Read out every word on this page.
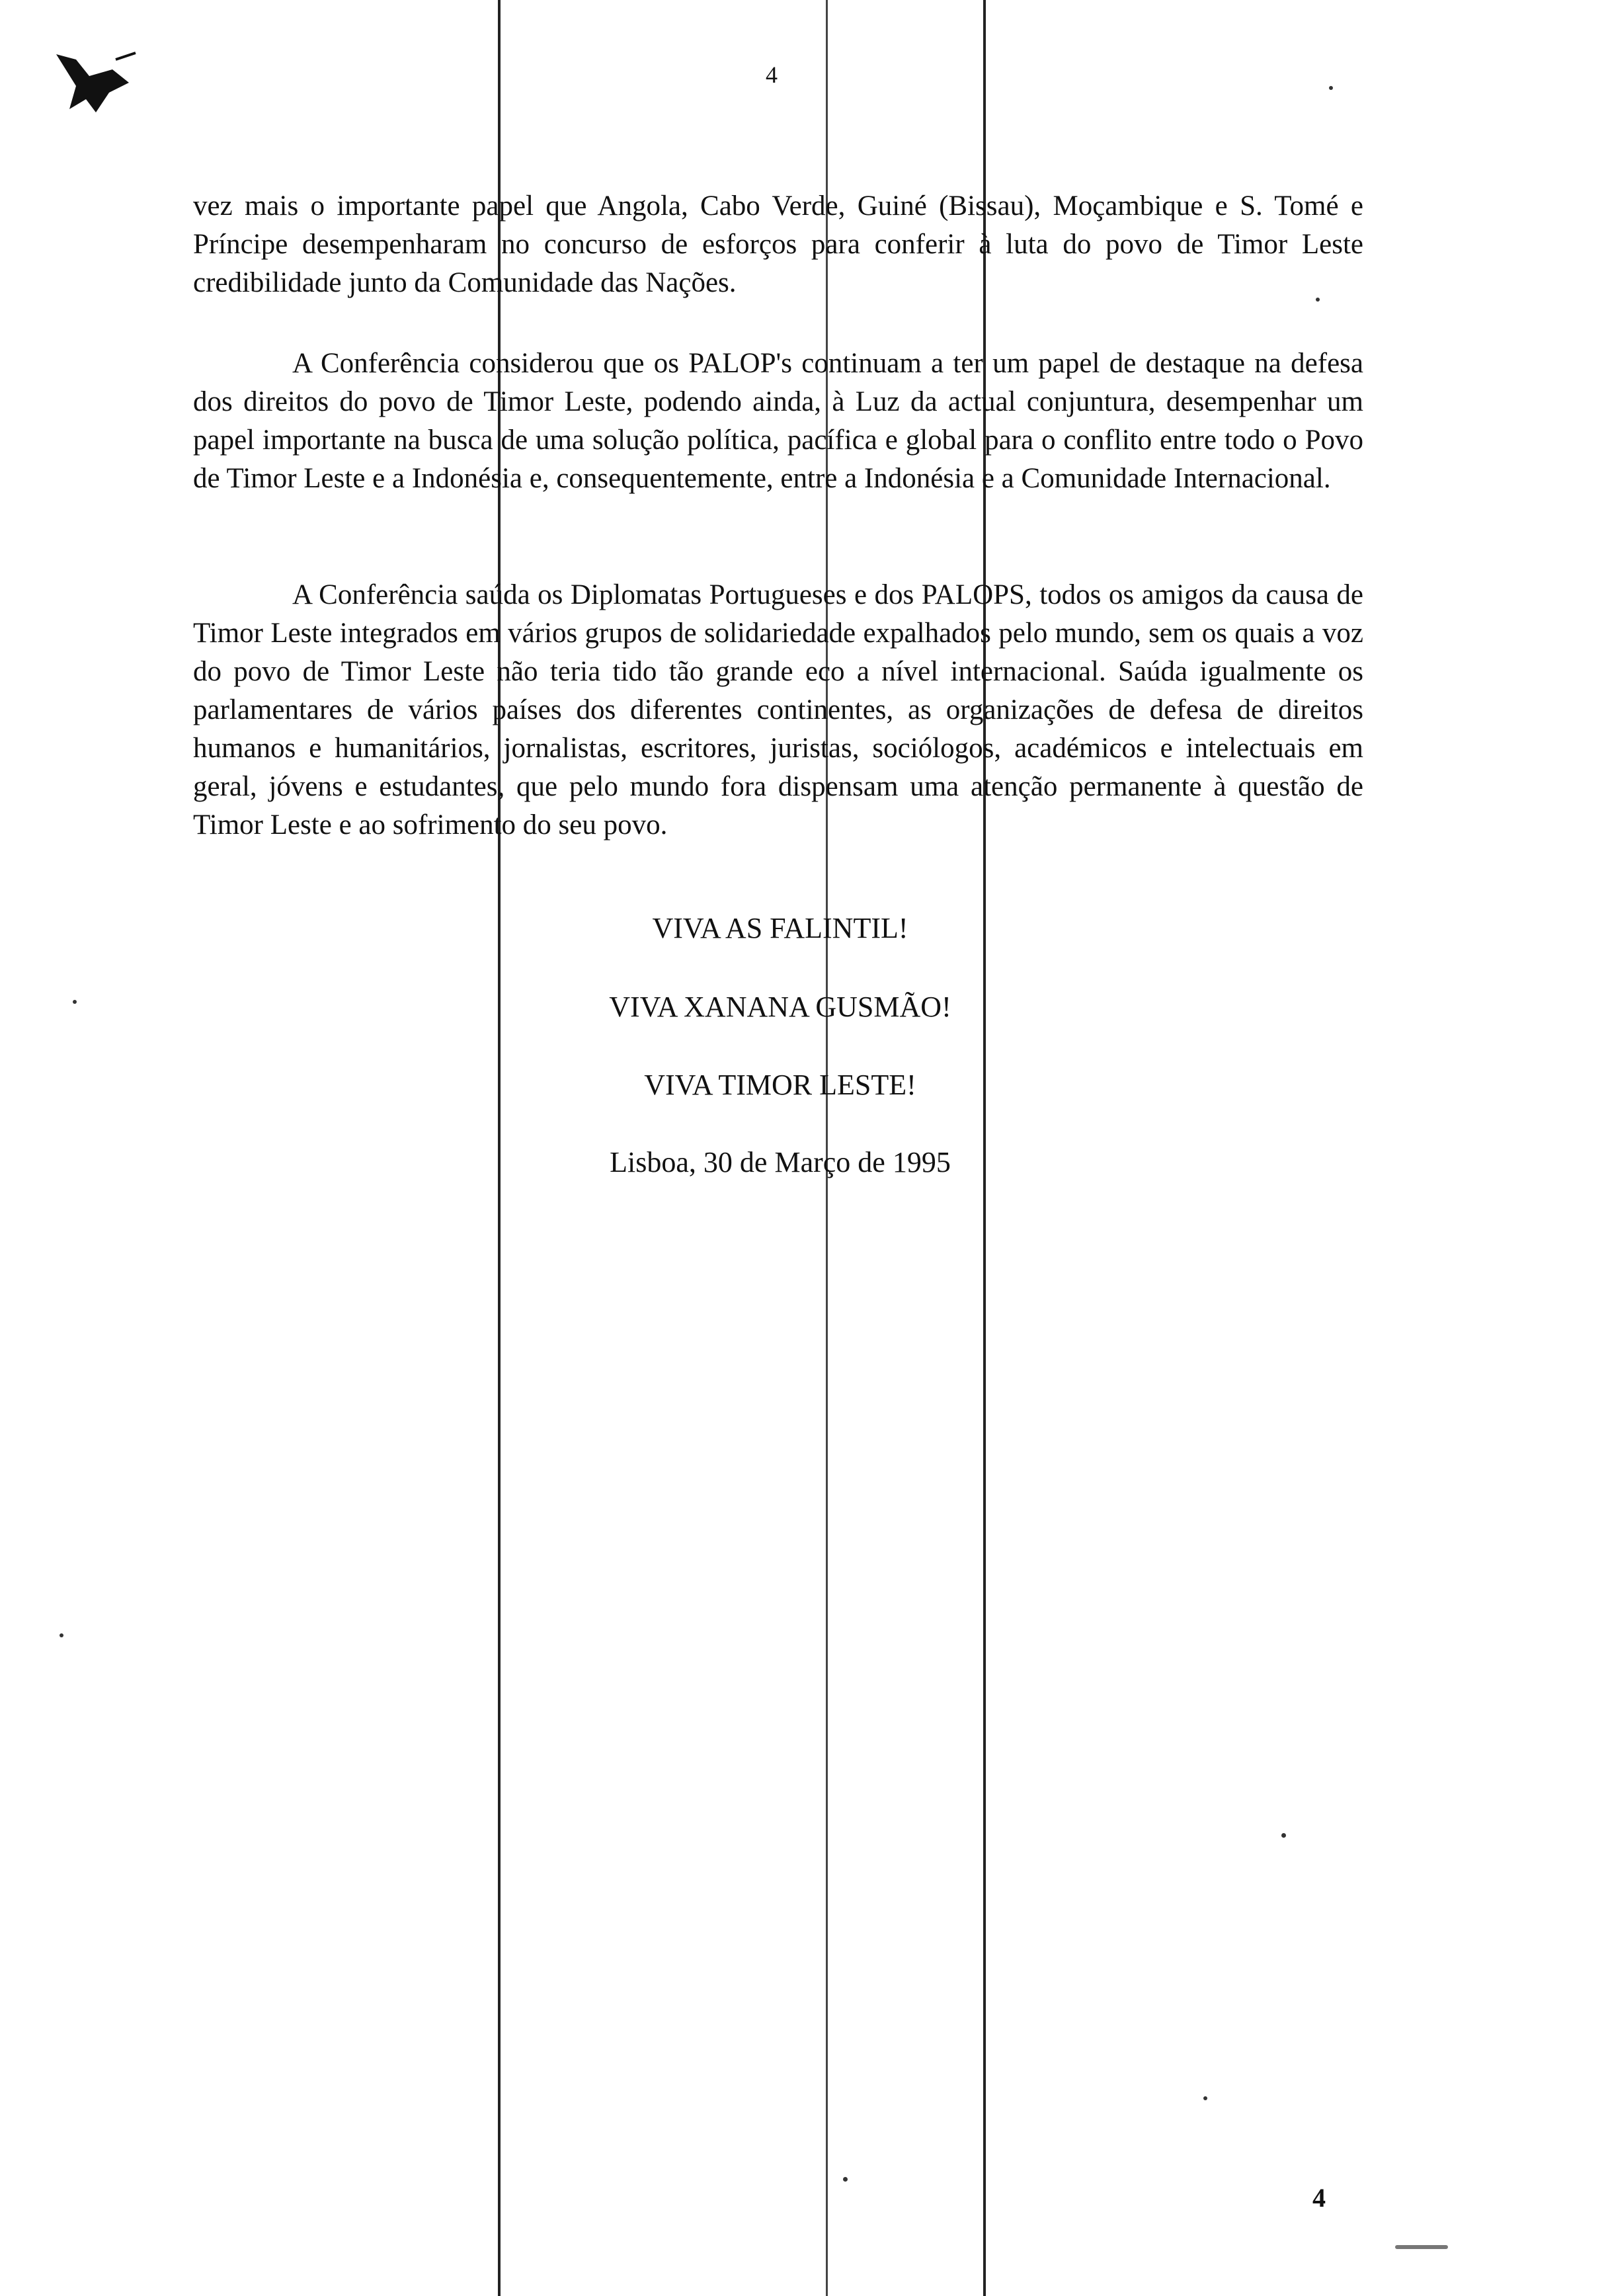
4

vez mais o importante papel que Angola, Cabo Verde, Guiné (Bissau), Moçambique e S. Tomé e Príncipe desempenharam no concurso de esforços para conferir à luta do povo de Timor Leste credibilidade junto da Comunidade das Nações.

A Conferência considerou que os PALOP's continuam a ter um papel de destaque na defesa dos direitos do povo de Timor Leste, podendo ainda, à Luz da actual conjuntura, desempenhar um papel importante na busca de uma solução política, pacífica e global para o conflito entre todo o Povo de Timor Leste e a Indonésia e, consequentemente, entre a Indonésia e a Comunidade Internacional.

A Conferência saúda os Diplomatas Portugueses e dos PALOPS, todos os amigos da causa de Timor Leste integrados em vários grupos de solidariedade expalhados pelo mundo, sem os quais a voz do povo de Timor Leste não teria tido tão grande eco a nível internacional. Saúda igualmente os parlamentares de vários países dos diferentes continentes, as organizações de defesa de direitos humanos e humanitários, jornalistas, escritores, juristas, sociólogos, académicos e intelectuais em geral, jóvens e estudantes, que pelo mundo fora dispensam uma atenção permanente à questão de Timor Leste e ao sofrimento do seu povo.

VIVA AS FALINTIL!
VIVA XANANA GUSMÃO!
VIVA TIMOR LESTE!
Lisboa, 30 de Março de 1995
4
